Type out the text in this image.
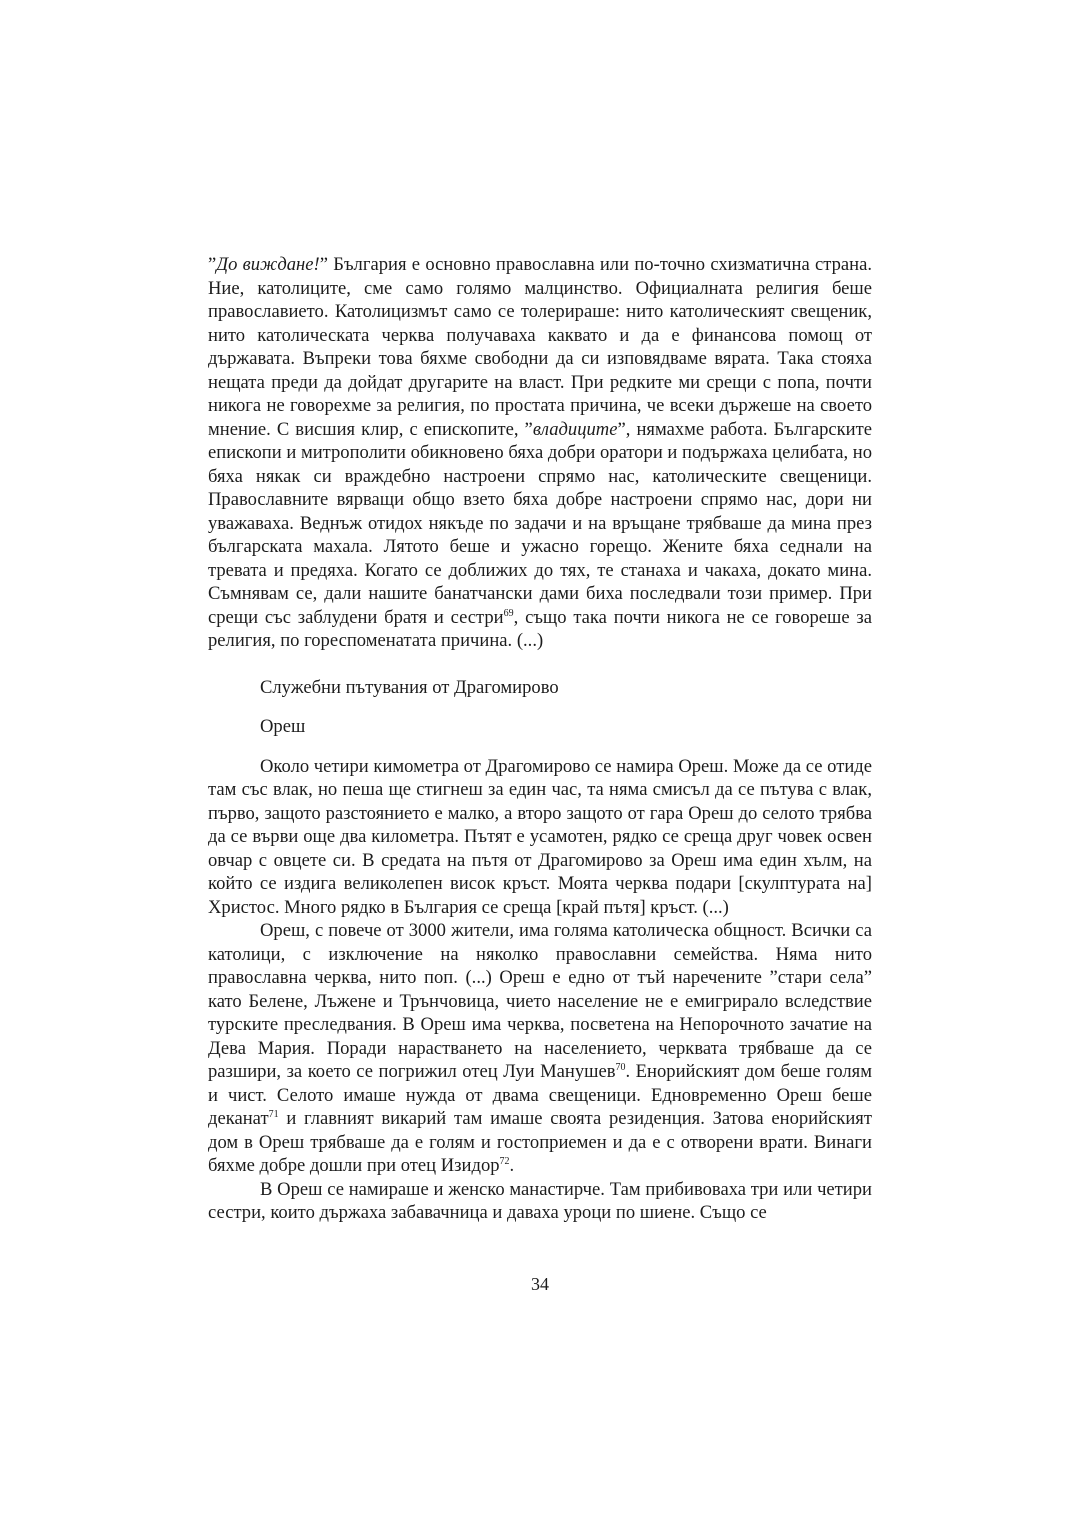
”До виждане!” България е основно православна или по-точно схизматична страна. Ние, католиците, сме само голямо малцинство. Официалната религия беше православието. Католицизмът само се толерираше: нито католическият свещеник, нито католическата черква получаваха каквато и да е финансова помощ от държавата. Въпреки това бяхме свободни да си изповядваме вярата. Така стояха нещата преди да дойдат другарите на власт. При редките ми срещи с попа, почти никога не говорехме за религия, по простата причина, че всеки държеше на своето мнение. С висшия клир, с епископите, ”владиците”, нямахме работа. Българските епископи и митрополити обикновено бяха добри оратори и подържаха целибата, но бяха някак си враждебно настроени спрямо нас, католическите свещеници. Православните вярващи общо взето бяха добре настроени спрямо нас, дори ни уважаваха. Веднъж отидох някъде по задачи и на връщане трябваше да мина през българската махала. Лятото беше и ужасно горещо. Жените бяха седнали на тревата и предяха. Когато се доближих до тях, те станаха и чакаха, докато мина. Съмнявам се, дали нашите банатчански дами биха последвали този пример. При срещи със заблудени братя и сестри$^{69}$, също така почти никога не се говореше за религия, по гореспоменатата причина. (...)

Служебни пътувания от Драгомирово

Ореш

Около четири кимометра от Драгомирово се намира Ореш. Може да се отиде там със влак, но пеша ще стигнеш за един час, та няма смисъл да се пътува с влак, първо, защото разстоянието е малко, а второ защото от гара Ореш до селото трябва да се върви още два километра. Пътят е усамотен, рядко се среща друг човек освен овчар с овцете си. В средата на пътя от Драгомирово за Ореш има един хълм, на който се издига великолепен висок кръст. Моята черква подари [скулптурата на] Христос. Много рядко в България се среща [край пътя] кръст. (...)

Ореш, с повече от 3000 жители, има голяма католическа общност. Всички са католици, с изключение на няколко православни семейства. Няма нито православна черква, нито поп. (...) Ореш е едно от тъй наречените ”стари села” като Белене, Лъжене и Трънчовица, чието население не е емигрирало вследствие турските преследвания. В Ореш има черква, посветена на Непорочното зачатие на Дева Мария. Поради нарастването на населението, черквата трябваше да се разшири, за което се погрижил отец Луи Манушев$^{70}$. Енорийският дом беше голям и чист. Селото имаше нужда от двама свещеници. Едновременно Ореш беше деканат$^{71}$ и главният викарий там имаше своята резиденция. Затова енорийският дом в Ореш трябваше да е голям и гостоприемен и да е с отворени врати. Винаги бяхме добре дошли при отец Изидор$^{72}$.

В Ореш се намираше и женско манастирче. Там прибивоваха три или четири сестри, които държаха забавачница и даваха уроци по шиене. Също се

34
